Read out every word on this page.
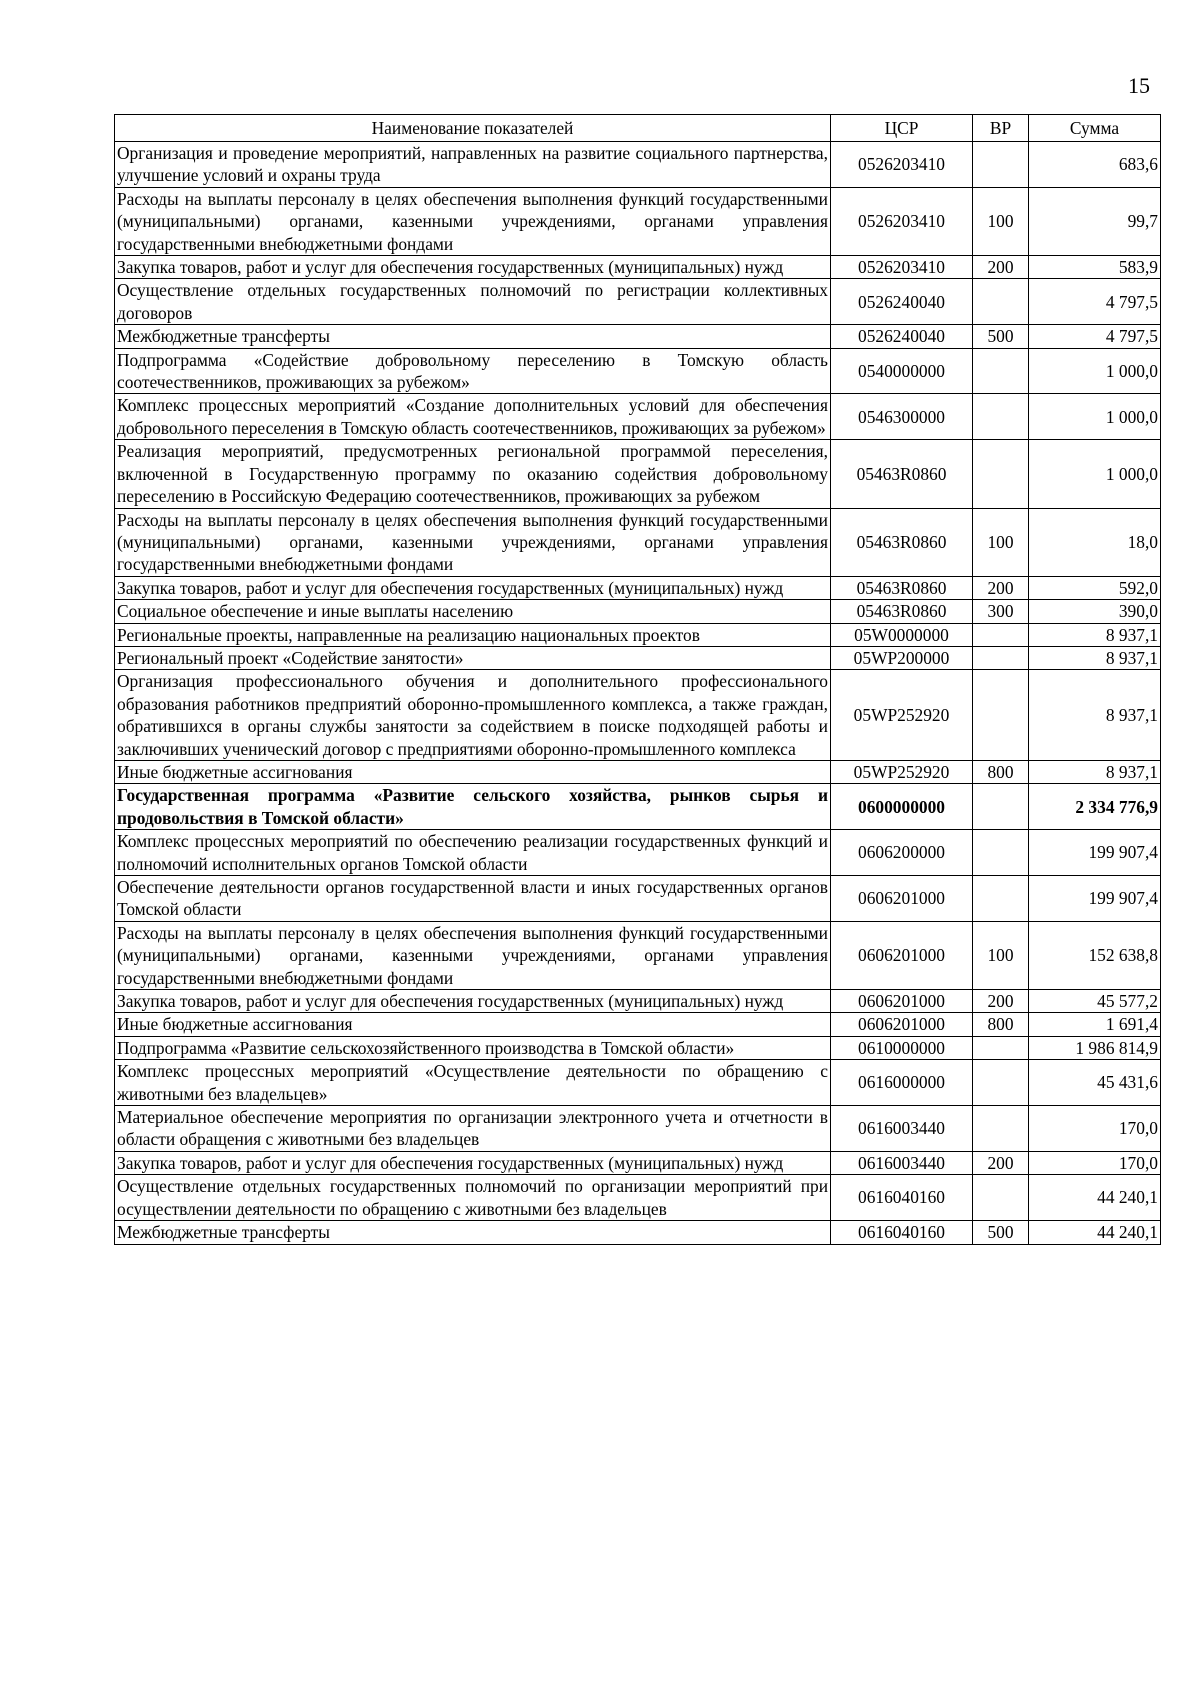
15
Наименование показателей	ЦСР	ВР	Сумма
Организация и проведение мероприятий, направленных на развитие социального партнерства, улучшение условий и охраны труда	0526203410		683,6
Расходы на выплаты персоналу в целях обеспечения выполнения функций государственными (муниципальными) органами, казенными учреждениями, органами управления государственными внебюджетными фондами	0526203410	100	99,7
Закупка товаров, работ и услуг для обеспечения государственных (муниципальных) нужд	0526203410	200	583,9
Осуществление отдельных государственных полномочий по регистрации коллективных договоров	0526240040		4 797,5
Межбюджетные трансферты	0526240040	500	4 797,5
Подпрограмма «Содействие добровольному переселению в Томскую область соотечественников, проживающих за рубежом»	0540000000		1 000,0
Комплекс процессных мероприятий «Создание дополнительных условий для обеспечения добровольного переселения в Томскую область соотечественников, проживающих за рубежом»	0546300000		1 000,0
Реализация мероприятий, предусмотренных региональной программой переселения, включенной в Государственную программу по оказанию содействия добровольному переселению в Российскую Федерацию соотечественников, проживающих за рубежом	05463R0860		1 000,0
Расходы на выплаты персоналу в целях обеспечения выполнения функций государственными (муниципальными) органами, казенными учреждениями, органами управления государственными внебюджетными фондами	05463R0860	100	18,0
Закупка товаров, работ и услуг для обеспечения государственных (муниципальных) нужд	05463R0860	200	592,0
Социальное обеспечение и иные выплаты населению	05463R0860	300	390,0
Региональные проекты, направленные на реализацию национальных проектов	05W0000000		8 937,1
Региональный проект «Содействие занятости»	05WP200000		8 937,1
Организация профессионального обучения и дополнительного профессионального образования работников предприятий оборонно-промышленного комплекса, а также граждан, обратившихся в органы службы занятости за содействием в поиске подходящей работы и заключивших ученический договор с предприятиями оборонно-промышленного комплекса	05WP252920		8 937,1
Иные бюджетные ассигнования	05WP252920	800	8 937,1
Государственная программа «Развитие сельского хозяйства, рынков сырья и продовольствия в Томской области»	0600000000		2 334 776,9
Комплекс процессных мероприятий по обеспечению реализации государственных функций и полномочий исполнительных органов Томской области	0606200000		199 907,4
Обеспечение деятельности органов государственной власти и иных государственных органов Томской области	0606201000		199 907,4
Расходы на выплаты персоналу в целях обеспечения выполнения функций государственными (муниципальными) органами, казенными учреждениями, органами управления государственными внебюджетными фондами	0606201000	100	152 638,8
Закупка товаров, работ и услуг для обеспечения государственных (муниципальных) нужд	0606201000	200	45 577,2
Иные бюджетные ассигнования	0606201000	800	1 691,4
Подпрограмма «Развитие сельскохозяйственного производства в Томской области»	0610000000		1 986 814,9
Комплекс процессных мероприятий «Осуществление деятельности по обращению с животными без владельцев»	0616000000		45 431,6
Материальное обеспечение мероприятия по организации электронного учета и отчетности в области обращения с животными без владельцев	0616003440		170,0
Закупка товаров, работ и услуг для обеспечения государственных (муниципальных) нужд	0616003440	200	170,0
Осуществление отдельных государственных полномочий по организации мероприятий при осуществлении деятельности по обращению с животными без владельцев	0616040160		44 240,1
Межбюджетные трансферты	0616040160	500	44 240,1
